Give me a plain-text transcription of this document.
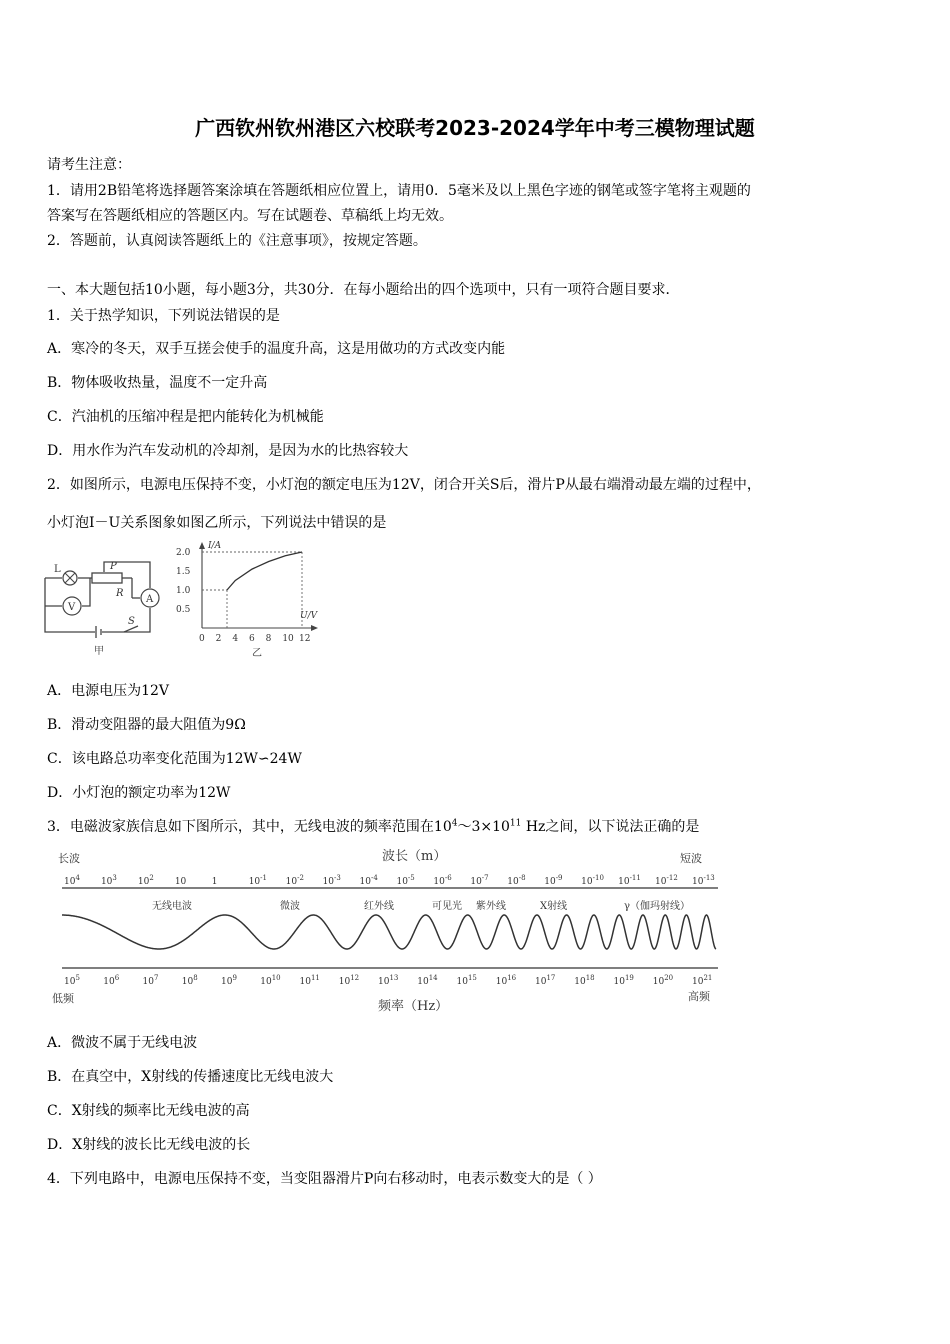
广西钦州钦州港区六校联考2023-2024学年中考三模物理试题
请考生注意：
1．请用2B铅笔将选择题答案涂填在答题纸相应位置上，请用0．5毫米及以上黑色字迹的钢笔或签字笔将主观题的
答案写在答题纸相应的答题区内。写在试题卷、草稿纸上均无效。
2．答题前，认真阅读答题纸上的《注意事项》，按规定答题。
一、本大题包括10小题，每小题3分，共30分．在每小题给出的四个选项中，只有一项符合题目要求．
1．关于热学知识，下列说法错误的是
A．寒冷的冬天，双手互搓会使手的温度升高，这是用做功的方式改变内能
B．物体吸收热量，温度不一定升高
C．汽油机的压缩冲程是把内能转化为机械能
D．用水作为汽车发动机的冷却剂，是因为水的比热容较大
2．如图所示，电源电压保持不变，小灯泡的额定电压为12V，闭合开关S后，滑片P从最右端滑动最左端的过程中，
小灯泡I－U关系图象如图乙所示，下列说法中错误的是
L	P
R
V
A
S
甲
2.0
1.5
1.0
0.5
0 2 4 6 8 10 12
I/A
U/V
乙
A．电源电压为12V
B．滑动变阻器的最大阻值为9Ω
C．该电路总功率变化范围为12W∽24W
D．小灯泡的额定功率为12W
3．电磁波家族信息如下图所示，其中，无线电波的频率范围在$10^4\sim 3\times 10^{11}$ Hz之间，以下说法正确的是
长波	波长（m）	短波
低频
频率（Hz）
高频
$10^4$ $10^3$ $10^2$ 10	1	$10^{-1}$ $10^{-2}$ $10^{-3}$ $10^{-4}$ $10^{-5}$ $10^{-6}$ $10^{-7}$ $10^{-8}$ $10^{-9}$ $10^{-10}$ $10^{-11}$ $10^{-12}$ $10^{-13}$
$10^5$	$10^6$	$10^7$	$10^8$	$10^9$	$10^{10}$ $10^{11}$ $10^{12}$ $10^{13}$ $10^{14}$ $10^{15}$ $10^{16}$ $10^{17}$ $10^{18}$ $10^{19}$ $10^{20}$ $10^{21}$
无线电波	微波	红外线	可见光 紫外线	X射线	γ（伽玛射线）
A．微波不属于无线电波
B．在真空中，X射线的传播速度比无线电波大
C．X射线的频率比无线电波的高
D．X射线的波长比无线电波的长
4．下列电路中，电源电压保持不变，当变阻器滑片P向右移动时，电表示数变大的是（ ）
